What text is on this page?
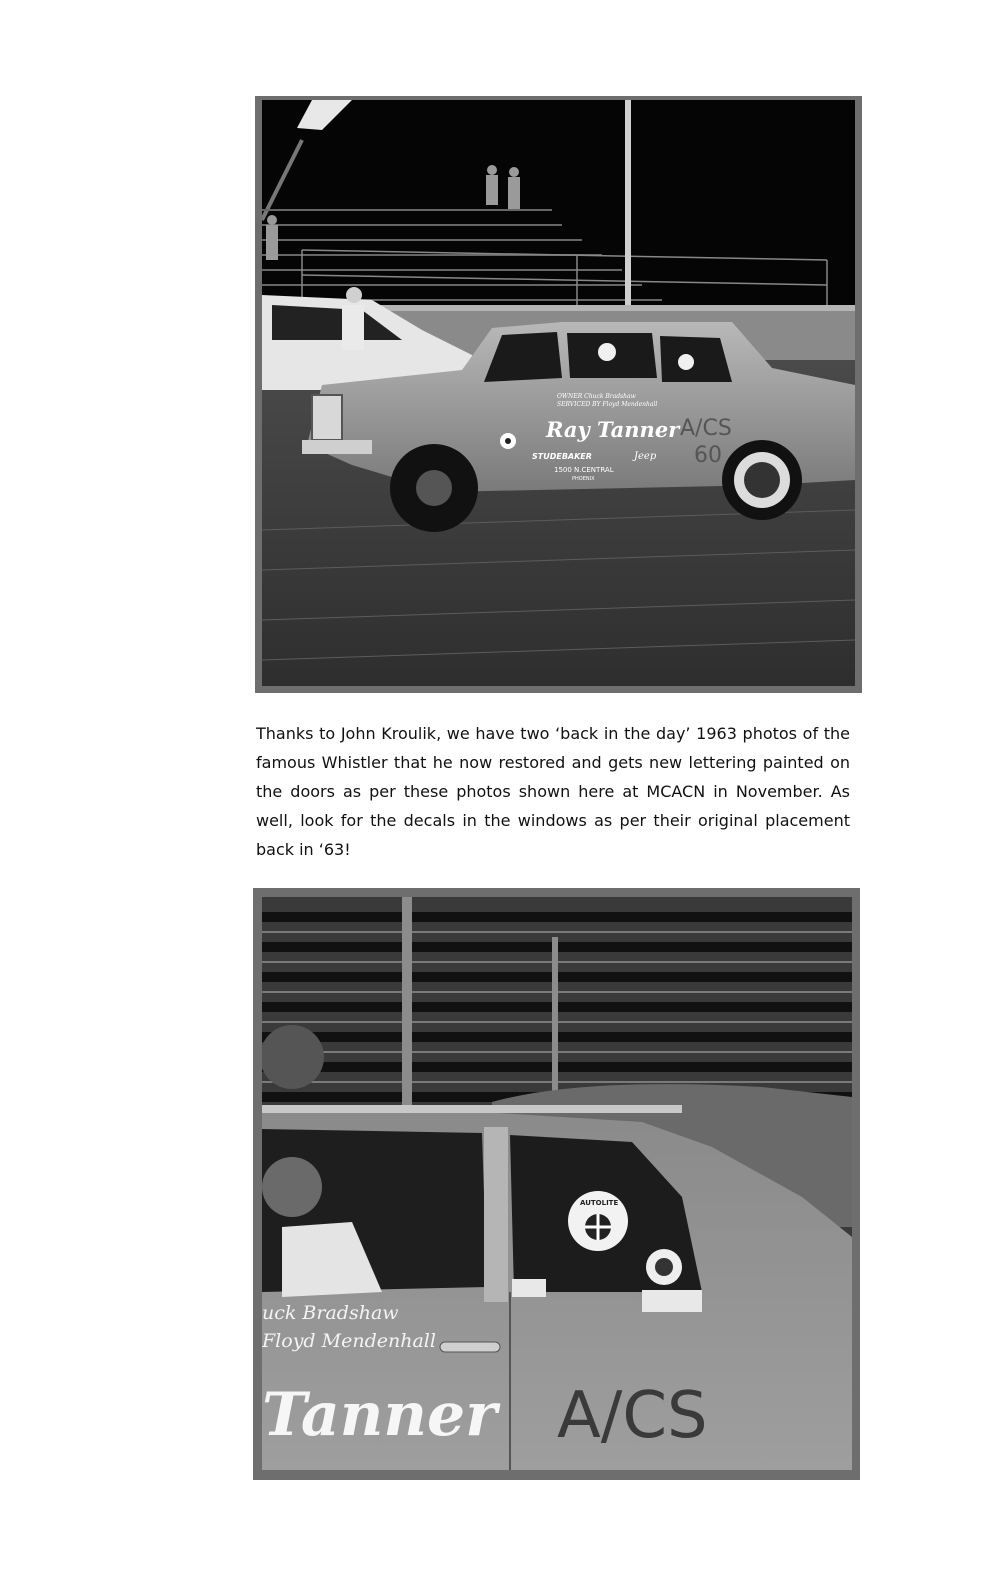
OWNER Chuck Bradshaw
SERVICED BY Floyd Mendenhall
Ray Tanner
STUDEBAKER	Jeep
1500 N.CENTRAL
PHOENIX
A/CS
60

Thanks to John Kroulik, we have two ‘back in the day’ 1963 photos of the famous Whistler that he now restored and gets new lettering painted on the doors as per these photos shown here at MCACN in November. As well, look for the decals in the windows as per their original placement back in ‘63!

AUTOLITE
uck Bradshaw
Floyd Mendenhall
Tanner A/CS
